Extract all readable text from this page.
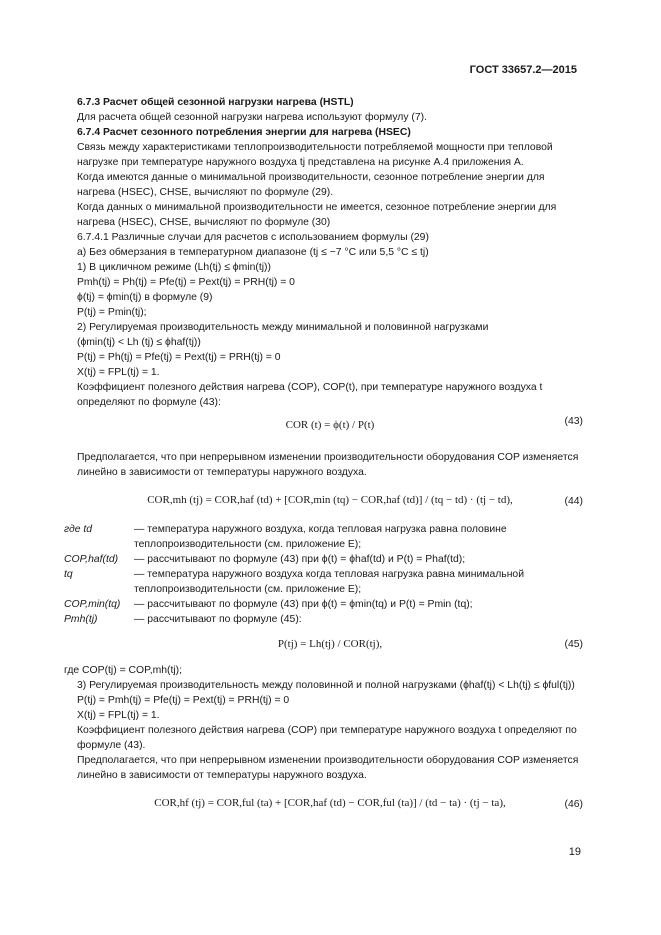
ГОСТ 33657.2—2015

6.7.3 Расчет общей сезонной нагрузки нагрева (HSTL)

Для расчета общей сезонной нагрузки нагрева используют формулу (7).

6.7.4 Расчет сезонного потребления энергии для нагрева (HSEC)

Связь между характеристиками теплопроизводительности потребляемой мощности при тепловой нагрузке при температуре наружного воздуха tj представлена на рисунке А.4 приложения А.

Когда имеются данные о минимальной производительности, сезонное потребление энергии для нагрева (HSEC), CHSE, вычисляют по формуле (29).

Когда данных о минимальной производительности не имеется, сезонное потребление энергии для нагрева (HSEC), CHSE, вычисляют по формуле (30)

6.7.4.1 Различные случаи для расчетов с использованием формулы (29)

а) Без обмерзания в температурном диапазоне (tj ≤ −7 °C или 5,5 °C ≤ tj)

1) В цикличном режиме (Lh(tj) ≤ ϕmin(tj))

Pmh(tj) = Ph(tj) = Pfe(tj) = Pext(tj) = PRH(tj) = 0

ϕ(tj) = ϕmin(tj) в формуле (9)

P(tj) = Pmin(tj);

2) Регулируемая производительность между минимальной и половинной нагрузками

(ϕmin(tj) < Lh (tj) ≤ ϕhaf(tj))

P(tj) = Ph(tj) = Pfe(tj) = Pext(tj) = PRH(tj) = 0

X(tj) = FPL(tj) = 1.

Коэффициент полезного действия нагрева (COP), COP(t), при температуре наружного воздуха t определяют по формуле (43):

COR (t) = ϕ(t) / P(t)	(43)

Предполагается, что при непрерывном изменении производительности оборудования COP изменяется линейно в зависимости от температуры наружного воздуха.

COR,mh (tj) = COR,haf (td) + [COR,min (tq) − COR,haf (td)] / (tq − td) · (tj − td),	(44)
где td	— температура наружного воздуха, когда тепловая нагрузка равна половине теплопроизводительности (см. приложение Е);
COP,haf(td)	— рассчитывают по формуле (43) при ϕ(t) = ϕhaf(td) и P(t) = Phaf(td);
tq	— температура наружного воздуха когда тепловая нагрузка равна минимальной теплопроизводительности (см. приложение Е);
COP,min(tq)	— рассчитывают по формуле (43) при ϕ(t) = ϕmin(tq) и P(t) = Pmin (tq);
Pmh(tj)	— рассчитывают по формуле (45):
P(tj) = Lh(tj) / COR(tj),	(45)

где COP(tj) = COP,mh(tj);

3) Регулируемая производительность между половинной и полной нагрузками (ϕhaf(tj) < Lh(tj) ≤ ϕful(tj))

P(tj) = Pmh(tj) = Pfe(tj) = Pext(tj) = PRH(tj) = 0

X(tj) = FPL(tj) = 1.

Коэффициент полезного действия нагрева (COP) при температуре наружного воздуха t определяют по формуле (43).

Предполагается, что при непрерывном изменении производительности оборудования COP изменяется линейно в зависимости от температуры наружного воздуха.

COR,hf (tj) = COR,ful (ta) + [COR,haf (td) − COR,ful (ta)] / (td − ta) · (tj − ta),	(46)
19
